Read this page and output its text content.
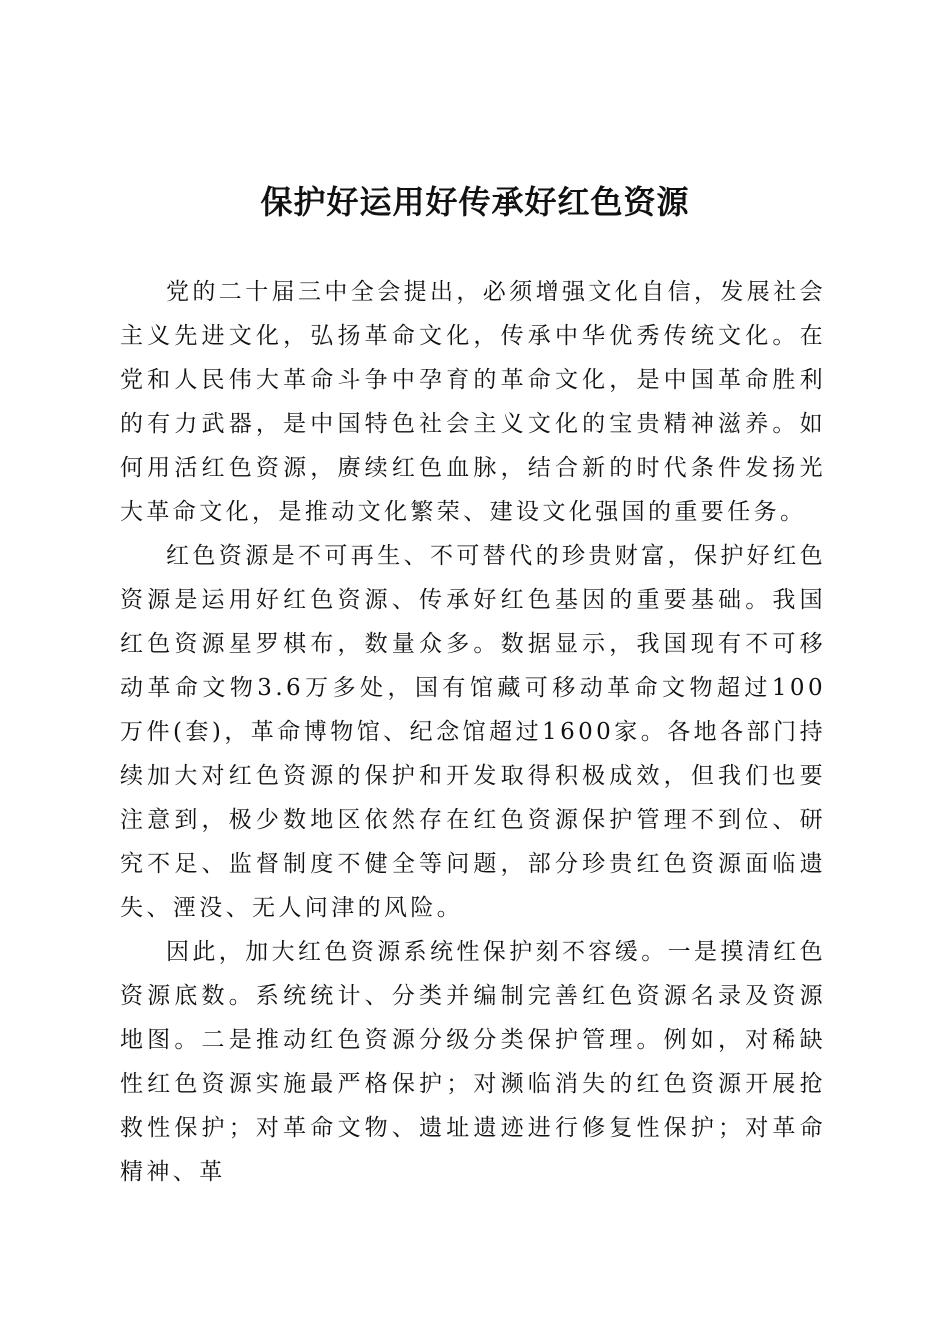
保护好运用好传承好红色资源

党的二十届三中全会提出，必须增强文化自信，发展社会主义先进文化，弘扬革命文化，传承中华优秀传统文化。在党和人民伟大革命斗争中孕育的革命文化，是中国革命胜利的有力武器，是中国特色社会主义文化的宝贵精神滋养。如何用活红色资源，赓续红色血脉，结合新的时代条件发扬光大革命文化，是推动文化繁荣、建设文化强国的重要任务。

红色资源是不可再生、不可替代的珍贵财富，保护好红色资源是运用好红色资源、传承好红色基因的重要基础。我国红色资源星罗棋布，数量众多。数据显示，我国现有不可移动革命文物3.6万多处，国有馆藏可移动革命文物超过100万件(套)，革命博物馆、纪念馆超过1600家。各地各部门持续加大对红色资源的保护和开发取得积极成效，但我们也要注意到，极少数地区依然存在红色资源保护管理不到位、研究不足、监督制度不健全等问题，部分珍贵红色资源面临遗失、湮没、无人问津的风险。

因此，加大红色资源系统性保护刻不容缓。一是摸清红色资源底数。系统统计、分类并编制完善红色资源名录及资源地图。二是推动红色资源分级分类保护管理。例如，对稀缺性红色资源实施最严格保护；对濒临消失的红色资源开展抢救性保护；对革命文物、遗址遗迹进行修复性保护；对革命精神、革
